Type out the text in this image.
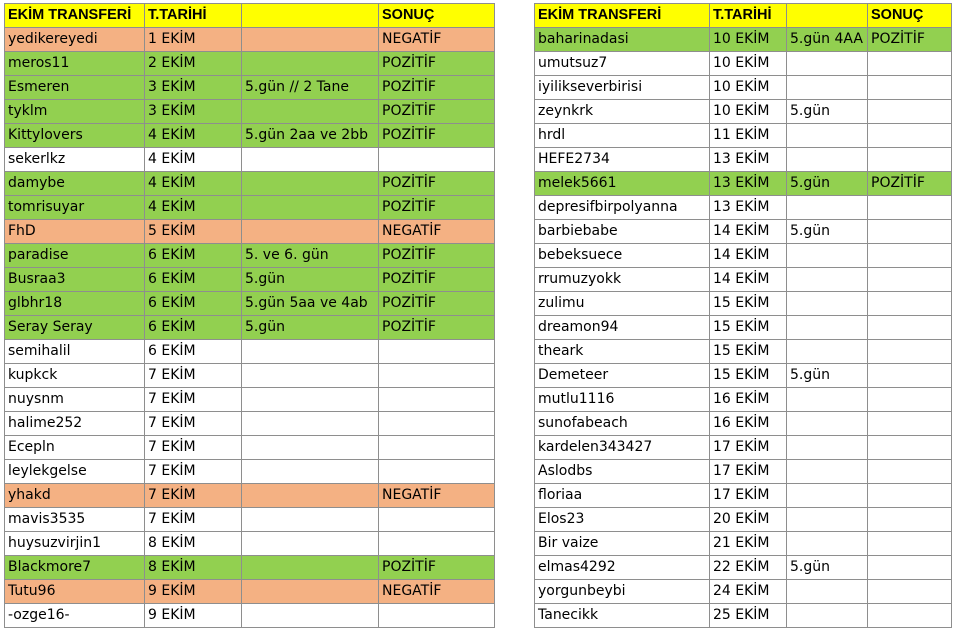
EKİM TRANSFERİ	T.TARİHİ		SONUÇ
yedikereyedi	1 EKİM		NEGATİF
meros11	2 EKİM		POZİTİF
Esmeren	3 EKİM	5.gün // 2 Tane	POZİTİF
tyklm	3 EKİM		POZİTİF
Kittylovers	4 EKİM	5.gün 2aa ve 2bb	POZİTİF
sekerlkz	4 EKİM		
damybe	4 EKİM		POZİTİF
tomrisuyar	4 EKİM		POZİTİF
FhD	5 EKİM		NEGATİF
paradise	6 EKİM	5. ve 6. gün	POZİTİF
Busraa3	6 EKİM	5.gün	POZİTİF
glbhr18	6 EKİM	5.gün 5aa ve 4ab	POZİTİF
Seray Seray	6 EKİM	5.gün	POZİTİF
semihalil	6 EKİM		
kupkck	7 EKİM		
nuysnm	7 EKİM		
halime252	7 EKİM		
Ecepln	7 EKİM		
leylekgelse	7 EKİM		
yhakd	7 EKİM		NEGATİF
mavis3535	7 EKİM		
huysuzvirjin1	8 EKİM		
Blackmore7	8 EKİM		POZİTİF
Tutu96	9 EKİM		NEGATİF
-ozge16-	9 EKİM		
EKİM TRANSFERİ	T.TARİHİ		SONUÇ
baharinadasi	10 EKİM	5.gün 4AA	POZİTİF
umutsuz7	10 EKİM		
iyilikseverbirisi	10 EKİM		
zeynkrk	10 EKİM	5.gün	
hrdl	11 EKİM		
HEFE2734	13 EKİM		
melek5661	13 EKİM	5.gün	POZİTİF
depresifbirpolyanna	13 EKİM		
barbiebabe	14 EKİM	5.gün	
bebeksuece	14 EKİM		
rrumuzyokk	14 EKİM		
zulimu	15 EKİM		
dreamon94	15 EKİM		
theark	15 EKİM		
Demeteer	15 EKİM	5.gün	
mutlu1116	16 EKİM		
sunofabeach	16 EKİM		
kardelen343427	17 EKİM		
Aslodbs	17 EKİM		
floriaa	17 EKİM		
Elos23	20 EKİM		
Bir vaize	21 EKİM		
elmas4292	22 EKİM	5.gün	
yorgunbeybi	24 EKİM		
Tanecikk	25 EKİM		
